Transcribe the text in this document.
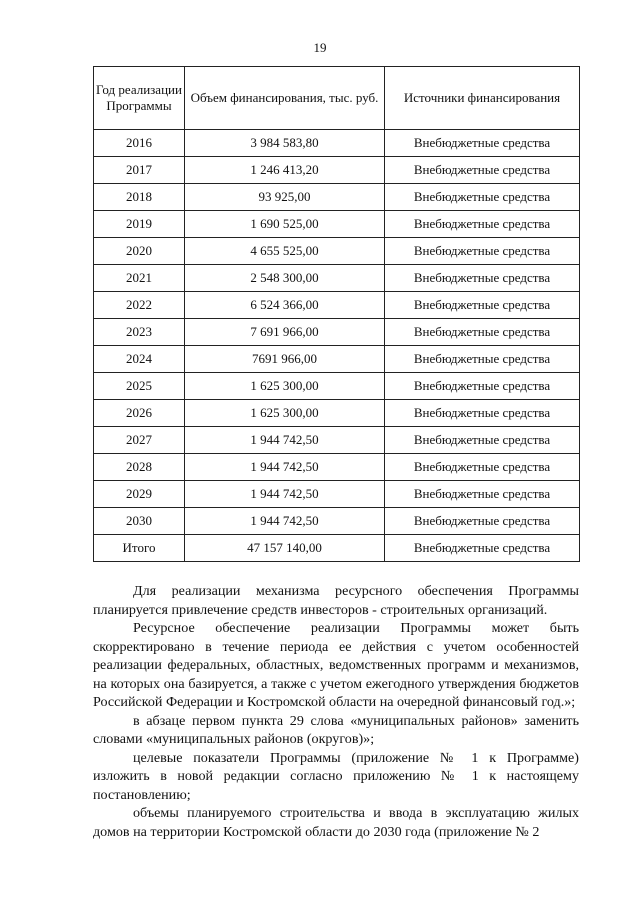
19
Год реализации Программы	Объем финансирования, тыс. руб.	Источники финансирования
2016	3 984 583,80	Внебюджетные средства
2017	1 246 413,20	Внебюджетные средства
2018	93 925,00	Внебюджетные средства
2019	1 690 525,00	Внебюджетные средства
2020	4 655 525,00	Внебюджетные средства
2021	2 548 300,00	Внебюджетные средства
2022	6 524 366,00	Внебюджетные средства
2023	7 691 966,00	Внебюджетные средства
2024	7691 966,00	Внебюджетные средства
2025	1 625 300,00	Внебюджетные средства
2026	1 625 300,00	Внебюджетные средства
2027	1 944 742,50	Внебюджетные средства
2028	1 944 742,50	Внебюджетные средства
2029	1 944 742,50	Внебюджетные средства
2030	1 944 742,50	Внебюджетные средства
Итого	47 157 140,00	Внебюджетные средства

Для реализации механизма ресурсного обеспечения Программы планируется привлечение средств инвесторов - строительных организаций.

Ресурсное обеспечение реализации Программы может быть скорректировано в течение периода ее действия с учетом особенностей реализации федеральных, областных, ведомственных программ и механизмов, на которых она базируется, а также с учетом ежегодного утверждения бюджетов Российской Федерации и Костромской области на очередной финансовый год.»;

в абзаце первом пункта 29 слова «муниципальных районов» заменить словами «муниципальных районов (округов)»;

целевые показатели Программы (приложение № 1 к Программе) изложить в новой редакции согласно приложению № 1 к настоящему постановлению;

объемы планируемого строительства и ввода в эксплуатацию жилых домов на территории Костромской области до 2030 года (приложение № 2
